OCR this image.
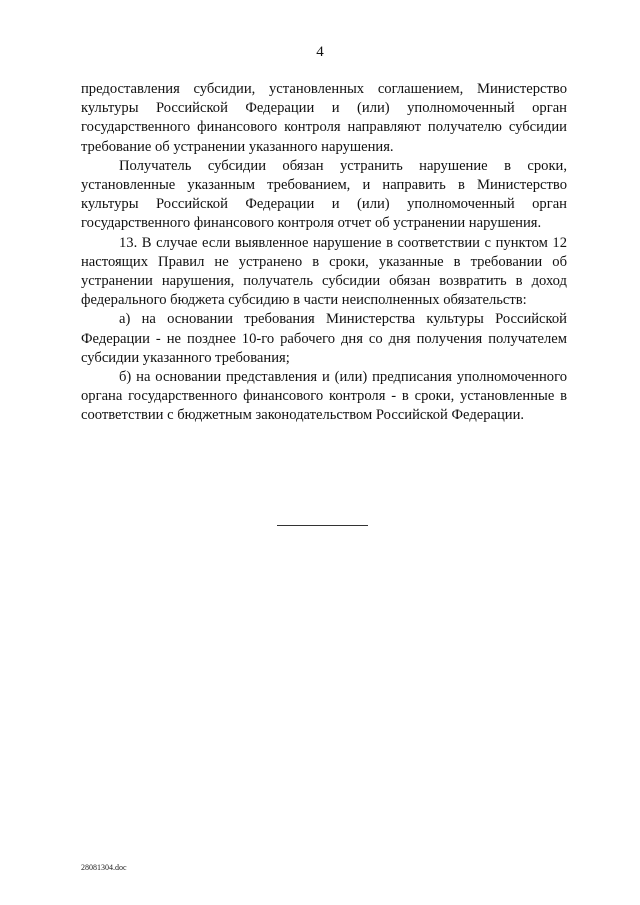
4

предоставления субсидии, установленных соглашением, Министерство культуры Российской Федерации и (или) уполномоченный орган государственного финансового контроля направляют получателю субсидии требование об устранении указанного нарушения.

Получатель субсидии обязан устранить нарушение в сроки, установленные указанным требованием, и направить в Министерство культуры Российской Федерации и (или) уполномоченный орган государственного финансового контроля отчет об устранении нарушения.

13. В случае если выявленное нарушение в соответствии с пунктом 12 настоящих Правил не устранено в сроки, указанные в требовании об устранении нарушения, получатель субсидии обязан возвратить в доход федерального бюджета субсидию в части неисполненных обязательств:

а) на основании требования Министерства культуры Российской Федерации - не позднее 10-го рабочего дня со дня получения получателем субсидии указанного требования;

б) на основании представления и (или) предписания уполномоченного органа государственного финансового контроля - в сроки, установленные в соответствии с бюджетным законодательством Российской Федерации.

28081304.doc
